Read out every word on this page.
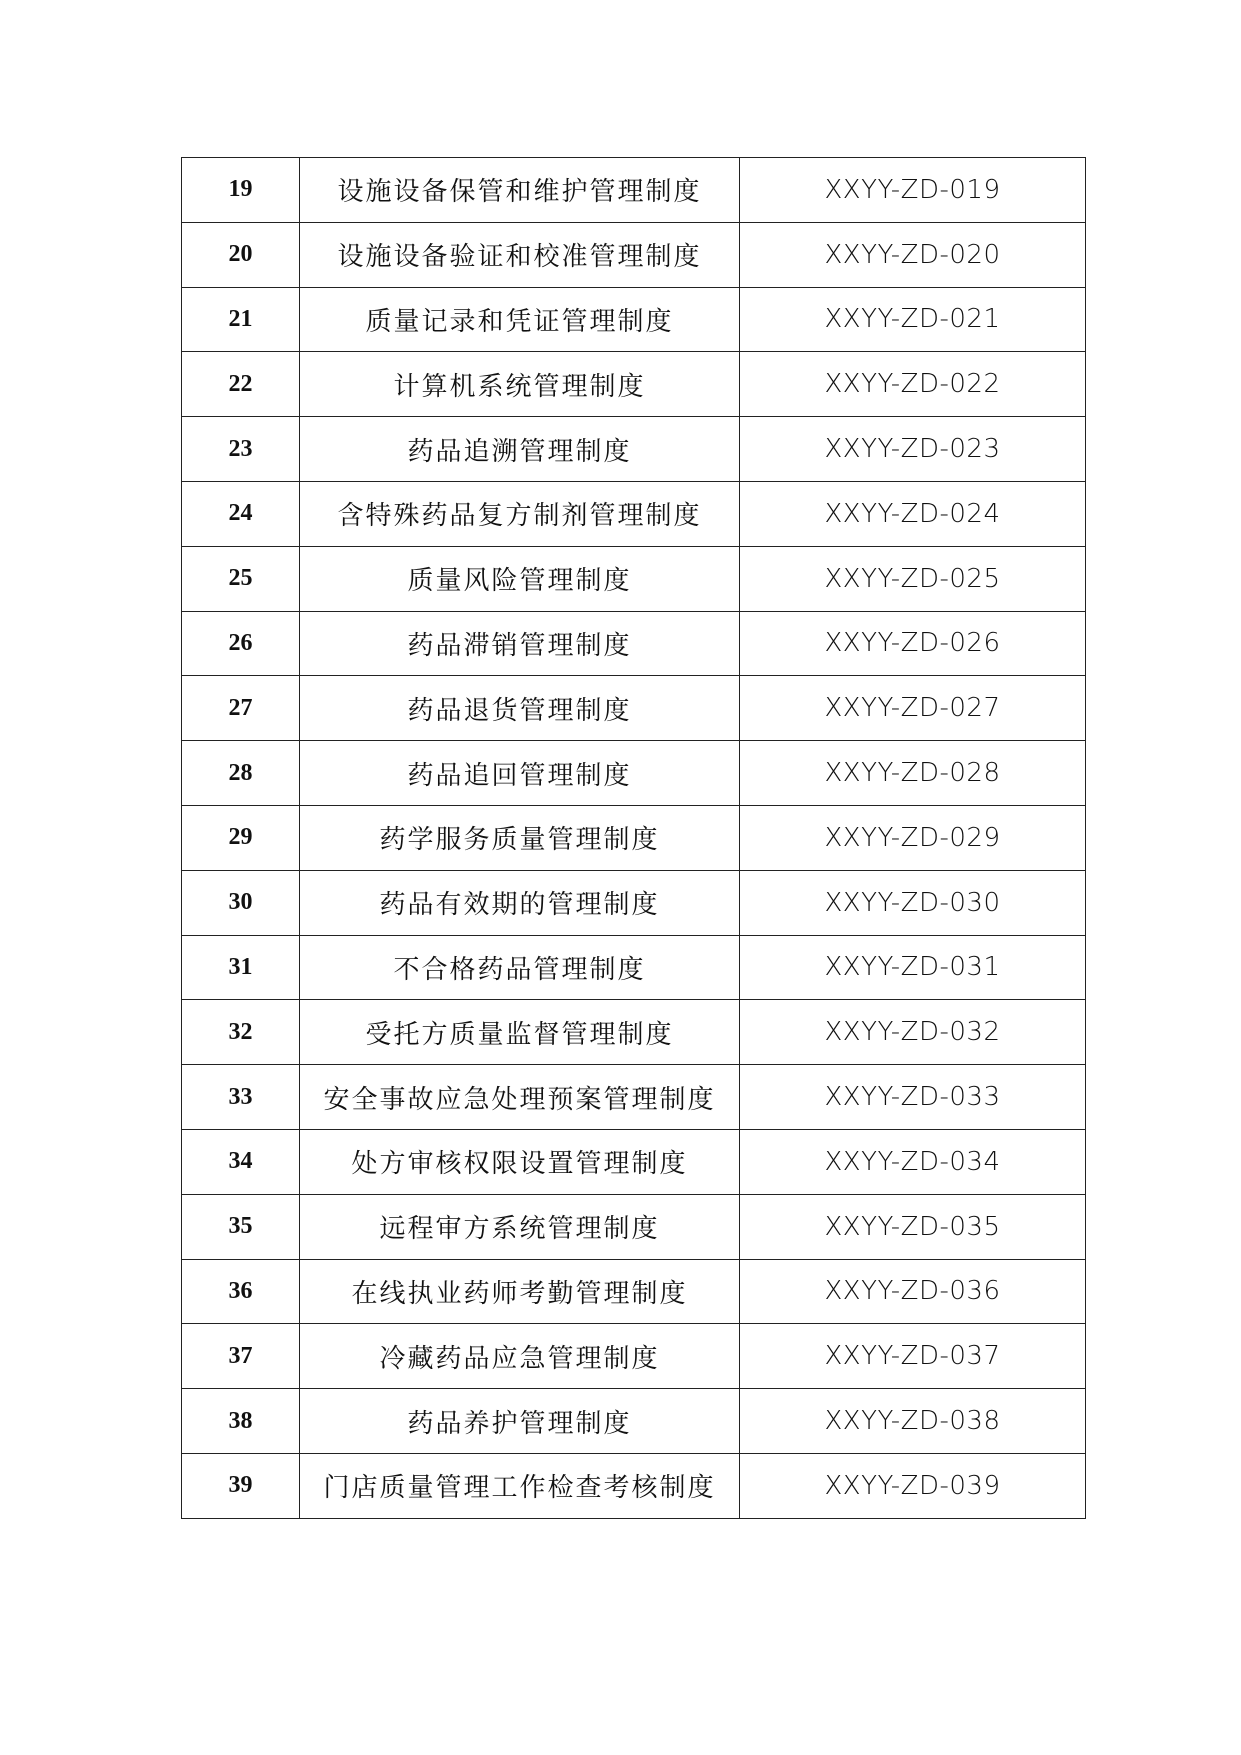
19	设施设备保管和维护管理制度	XXYY-ZD-019
20	设施设备验证和校准管理制度	XXYY-ZD-020
21	质量记录和凭证管理制度	XXYY-ZD-021
22	计算机系统管理制度	XXYY-ZD-022
23	药品追溯管理制度	XXYY-ZD-023
24	含特殊药品复方制剂管理制度	XXYY-ZD-024
25	质量风险管理制度	XXYY-ZD-025
26	药品滞销管理制度	XXYY-ZD-026
27	药品退货管理制度	XXYY-ZD-027
28	药品追回管理制度	XXYY-ZD-028
29	药学服务质量管理制度	XXYY-ZD-029
30	药品有效期的管理制度	XXYY-ZD-030
31	不合格药品管理制度	XXYY-ZD-031
32	受托方质量监督管理制度	XXYY-ZD-032
33	安全事故应急处理预案管理制度	XXYY-ZD-033
34	处方审核权限设置管理制度	XXYY-ZD-034
35	远程审方系统管理制度	XXYY-ZD-035
36	在线执业药师考勤管理制度	XXYY-ZD-036
37	冷藏药品应急管理制度	XXYY-ZD-037
38	药品养护管理制度	XXYY-ZD-038
39	门店质量管理工作检查考核制度	XXYY-ZD-039
